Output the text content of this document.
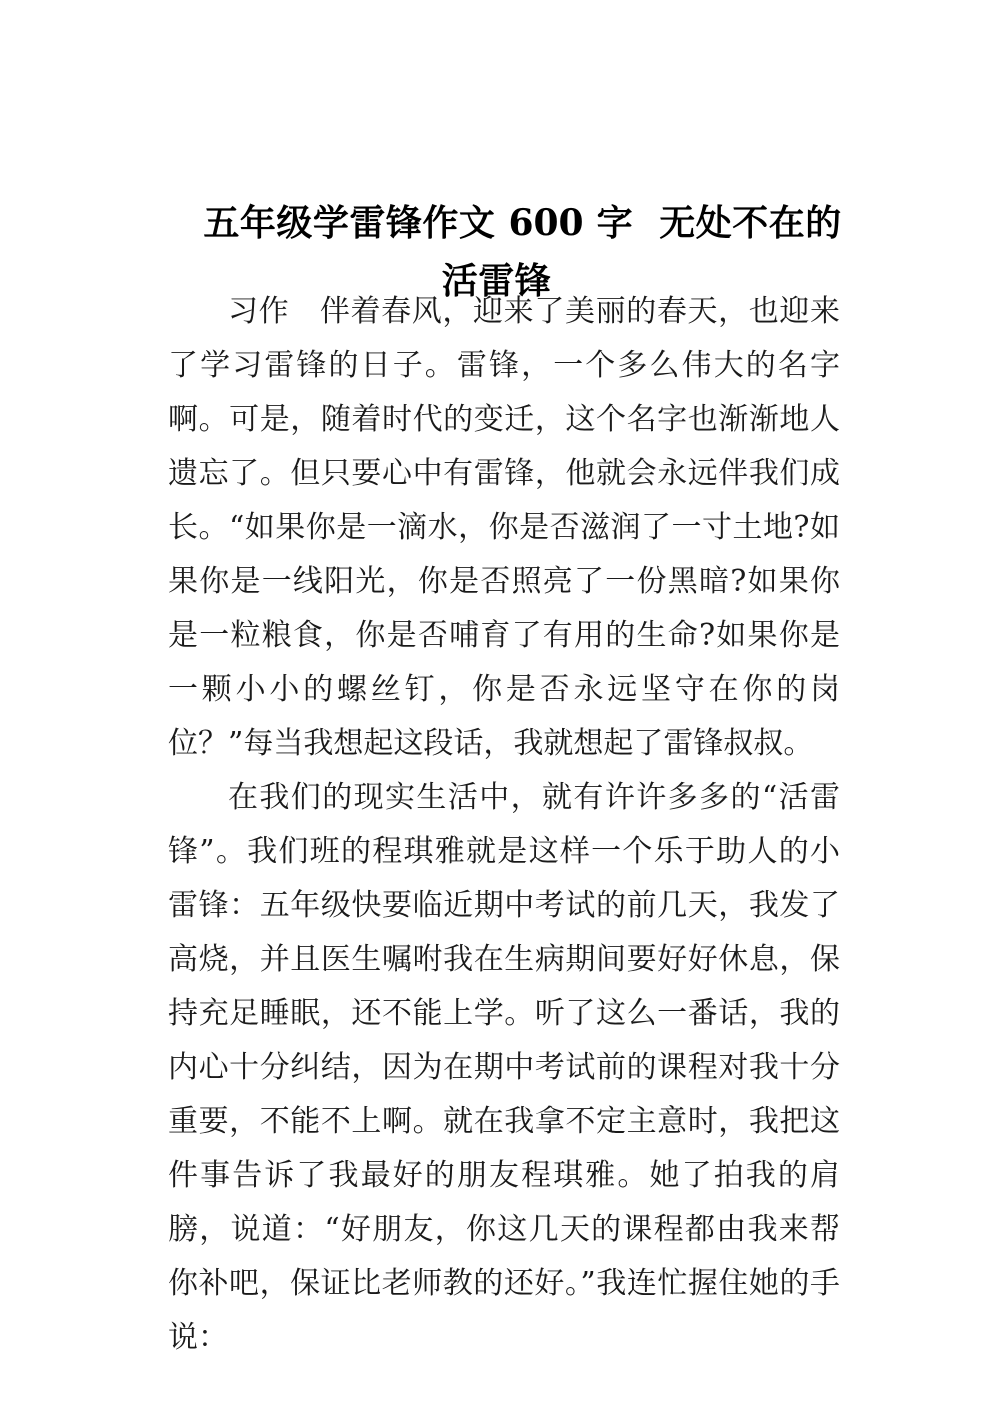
五年级学雷锋作文 600 字  无处不在的活雷锋

习作　伴着春风，迎来了美丽的春天，也迎来了学习雷锋的日子。雷锋，一个多么伟大的名字啊。可是，随着时代的变迁，这个名字也渐渐地人遗忘了。但只要心中有雷锋，他就会永远伴我们成长。“如果你是一滴水，你是否滋润了一寸土地?如果你是一线阳光，你是否照亮了一份黑暗?如果你是一粒粮食，你是否哺育了有用的生命?如果你是一颗小小的螺丝钉，你是否永远坚守在你的岗位？”每当我想起这段话，我就想起了雷锋叔叔。

在我们的现实生活中，就有许许多多的“活雷锋”。我们班的程琪雅就是这样一个乐于助人的小雷锋：五年级快要临近期中考试的前几天，我发了高烧，并且医生嘱咐我在生病期间要好好休息，保持充足睡眠，还不能上学。听了这么一番话，我的内心十分纠结，因为在期中考试前的课程对我十分重要，不能不上啊。就在我拿不定主意时，我把这件事告诉了我最好的朋友程琪雅。她了拍我的肩膀，说道：“好朋友，你这几天的课程都由我来帮你补吧，保证比老师教的还好。”我连忙握住她的手说：
